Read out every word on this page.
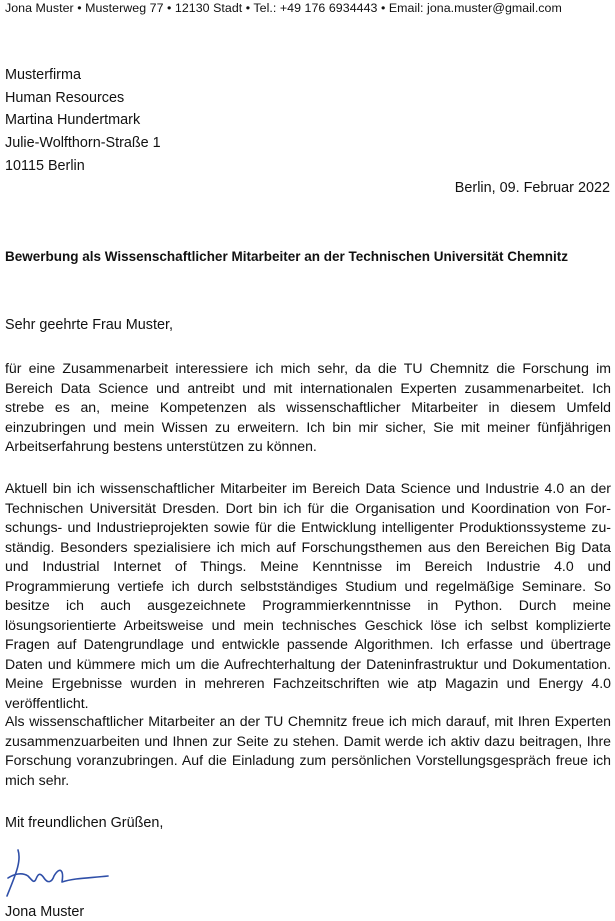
Jona Muster • Musterweg 77 • 12130 Stadt • Tel.: +49 176 6934443 • Email: jona.muster@gmail.com
Musterfirma
Human Resources
Martina Hundertmark
Julie-Wolfthorn-Straße 1
10115 Berlin
Berlin, 09. Februar 2022
Bewerbung als Wissenschaftlicher Mitarbeiter an der Technischen Universität Chemnitz
Sehr geehrte Frau Muster,

für eine Zusammenarbeit interessiere ich mich sehr, da die TU Chemnitz die Forschung im Bereich Data Science und antreibt und mit internationalen Experten zusammenarbeitet. Ich strebe es an, meine Kompetenzen als wissenschaftlicher Mitarbeiter in diesem Umfeld einzubringen und mein Wissen zu erweitern. Ich bin mir sicher, Sie mit meiner fünfjährigen Arbeitserfahrung bestens unterstützen zu können.

Aktuell bin ich wissenschaftlicher Mitarbeiter im Bereich Data Science und Industrie 4.0 an der Technischen Universität Dresden. Dort bin ich für die Organisation und Koordination von Forschungs- und Industrieprojekten sowie für die Entwicklung intelligenter Produktionssysteme zuständig. Besonders spezialisiere ich mich auf Forschungsthemen aus den Bereichen Big Data und Industrial Internet of Things. Meine Kenntnisse im Bereich Industrie 4.0 und Programmierung vertiefe ich durch selbstständiges Studium und regelmäßige Seminare. So besitze ich auch ausgezeichnete Programmierkenntnisse in Python. Durch meine lösungsorientierte Arbeitsweise und mein technisches Geschick löse ich selbst komplizierte Fragen auf Datengrundlage und entwickle passende Algorithmen. Ich erfasse und übertrage Daten und kümmere mich um die Aufrechterhaltung der Dateninfrastruktur und Dokumentation. Meine Ergebnisse wurden in mehreren Fachzeitschriften wie atp Magazin und Energy 4.0 veröffentlicht.

Als wissenschaftlicher Mitarbeiter an der TU Chemnitz freue ich mich darauf, mit Ihren Experten zusammenzuarbeiten und Ihnen zur Seite zu stehen. Damit werde ich aktiv dazu beitragen, Ihre Forschung voranzubringen. Auf die Einladung zum persönlichen Vorstellungsgespräch freue ich mich sehr.

Mit freundlichen Grüßen,
Jona Muster
